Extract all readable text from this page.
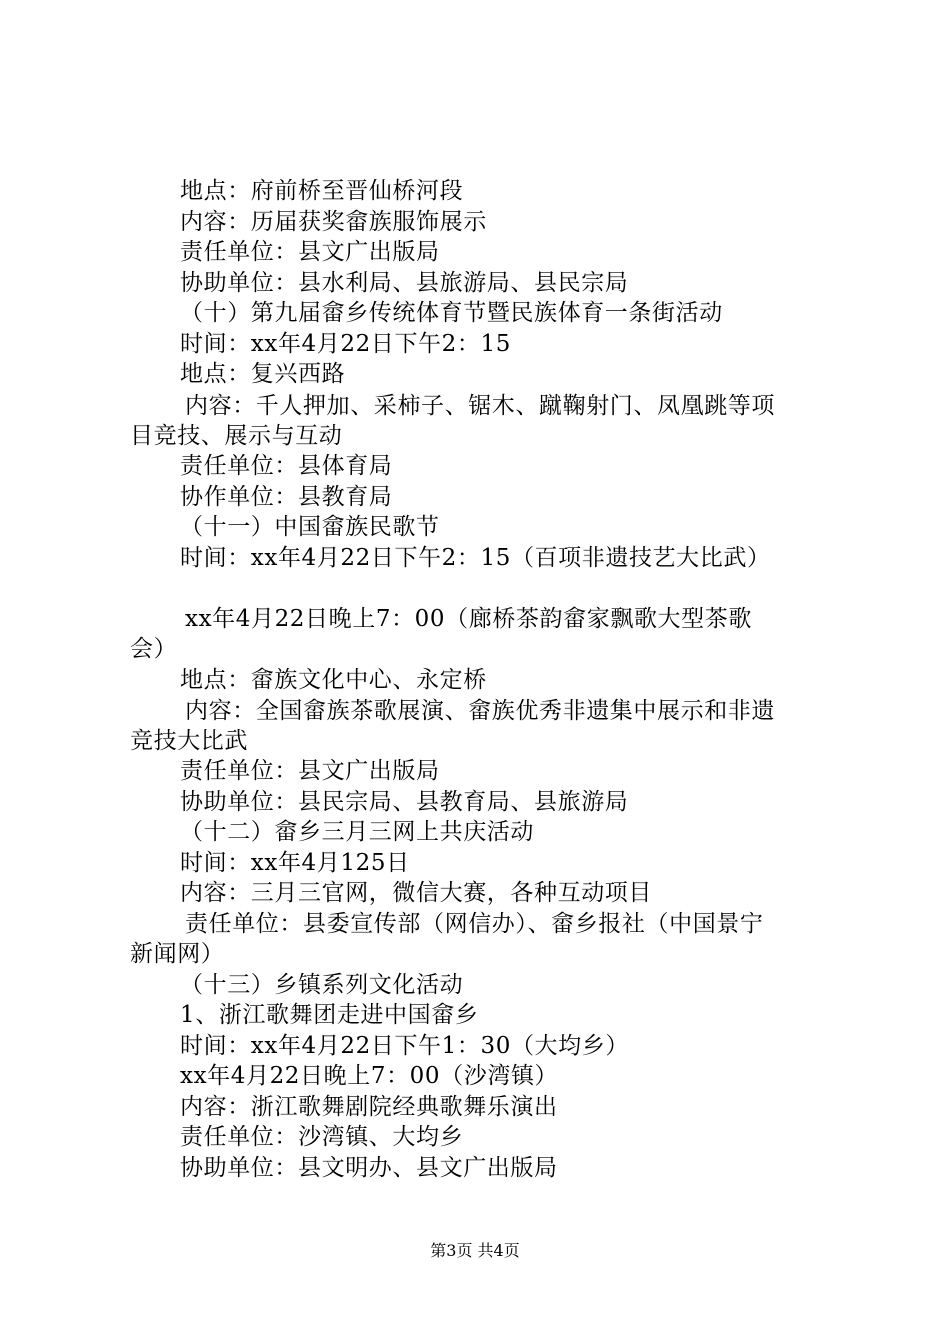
地点：府前桥至晋仙桥河段
内容：历届获奖畲族服饰展示
责任单位：县文广出版局
协助单位：县水利局、县旅游局、县民宗局
（十）第九届畲乡传统体育节暨民族体育一条街活动
时间：xx年4月22日下午2：15
地点：复兴西路
内容：千人押加、采柿子、锯木、蹴鞠射门、凤凰跳等项
目竞技、展示与互动
责任单位：县体育局
协作单位：县教育局
（十一）中国畲族民歌节
时间：xx年4月22日下午2：15（百项非遗技艺大比武）
xx年4月22日晚上7：00（廊桥茶韵畲家飘歌大型茶歌
会）
地点：畲族文化中心、永定桥
内容：全国畲族茶歌展演、畲族优秀非遗集中展示和非遗
竞技大比武
责任单位：县文广出版局
协助单位：县民宗局、县教育局、县旅游局
（十二）畲乡三月三网上共庆活动
时间：xx年4月125日
内容：三月三官网，微信大赛，各种互动项目
责任单位：县委宣传部（网信办）、畲乡报社（中国景宁
新闻网）
（十三）乡镇系列文化活动
1、浙江歌舞团走进中国畲乡
时间：xx年4月22日下午1：30（大均乡）
xx年4月22日晚上7：00（沙湾镇）
内容：浙江歌舞剧院经典歌舞乐演出
责任单位：沙湾镇、大均乡
协助单位：县文明办、县文广出版局
第3页 共4页
